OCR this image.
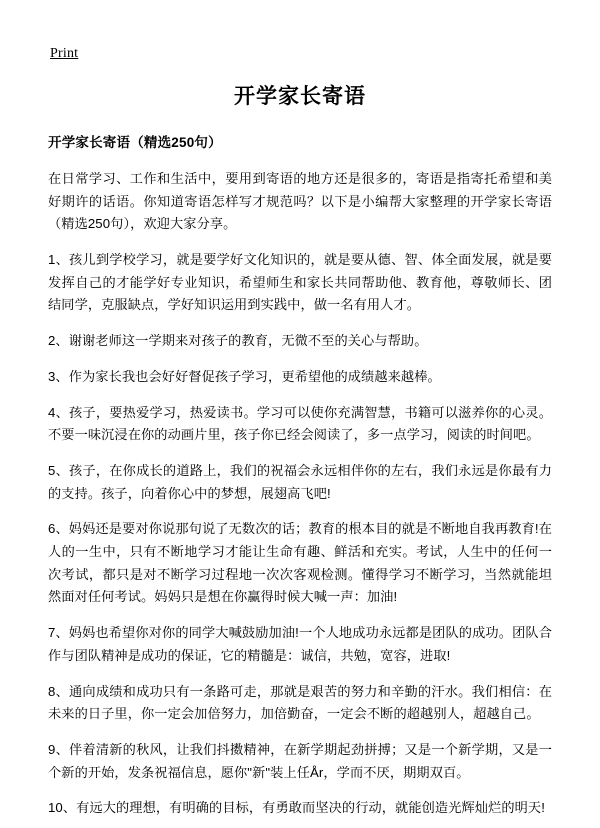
Print
开学家长寄语

开学家长寄语（精选250句）

在日常学习、工作和生活中，要用到寄语的地方还是很多的，寄语是指寄托希望和美好期许的话语。你知道寄语怎样写才规范吗？以下是小编帮大家整理的开学家长寄语（精选250句），欢迎大家分享。

1、孩儿到学校学习，就是要学好文化知识的，就是要从德、智、体全面发展，就是要发挥自己的才能学好专业知识，希望师生和家长共同帮助他、教育他，尊敬师长、团结同学，克服缺点，学好知识运用到实践中，做一名有用人才。

2、谢谢老师这一学期来对孩子的教育，无微不至的关心与帮助。

3、作为家长我也会好好督促孩子学习，更希望他的成绩越来越棒。

4、孩子，要热爱学习，热爱读书。学习可以使你充满智慧，书籍可以滋养你的心灵。不要一味沉浸在你的动画片里，孩子你已经会阅读了，多一点学习，阅读的时间吧。

5、孩子，在你成长的道路上，我们的祝福会永远相伴你的左右，我们永远是你最有力的支持。孩子，向着你心中的梦想，展翅高飞吧!

6、妈妈还是要对你说那句说了无数次的话；教育的根本目的就是不断地自我再教育!在人的一生中，只有不断地学习才能让生命有趣、鲜活和充实。考试，人生中的任何一次考试，都只是对不断学习过程地一次次客观检测。懂得学习不断学习，当然就能坦然面对任何考试。妈妈只是想在你赢得时候大喊一声：加油!

7、妈妈也希望你对你的同学大喊鼓励加油!一个人地成功永远都是团队的成功。团队合作与团队精神是成功的保证，它的精髓是：诚信，共勉，宽容，进取!

8、通向成绩和成功只有一条路可走，那就是艰苦的努力和辛勤的汗水。我们相信：在未来的日子里，你一定会加倍努力，加倍勤奋，一定会不断的超越别人，超越自己。

9、伴着清新的秋风，让我们抖擞精神，在新学期起劲拼搏；又是一个新学期，又是一个新的开始，发条祝福信息，愿你"新"装上任År，学而不厌，期期双百。

10、有远大的理想，有明确的目标，有勇敢而坚决的行动，就能创造光辉灿烂的明天!
